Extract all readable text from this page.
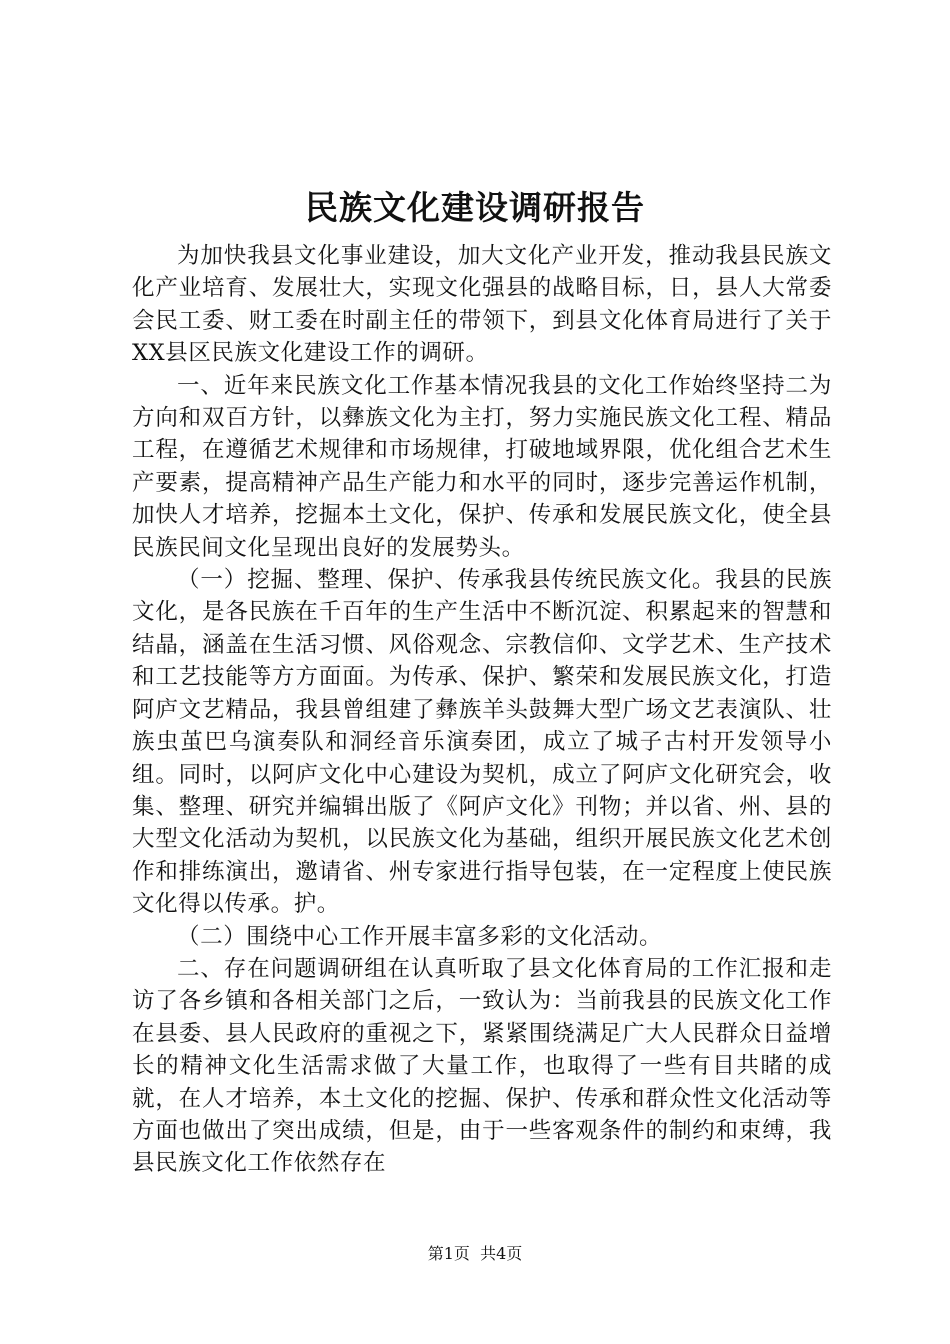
民族文化建设调研报告

为加快我县文化事业建设，加大文化产业开发，推动我县民族文化产业培育、发展壮大，实现文化强县的战略目标，日，县人大常委会民工委、财工委在时副主任的带领下，到县文化体育局进行了关于XX县区民族文化建设工作的调研。

一、近年来民族文化工作基本情况我县的文化工作始终坚持二为方向和双百方针，以彝族文化为主打，努力实施民族文化工程、精品工程，在遵循艺术规律和市场规律，打破地域界限，优化组合艺术生产要素，提高精神产品生产能力和水平的同时，逐步完善运作机制，加快人才培养，挖掘本土文化，保护、传承和发展民族文化，使全县民族民间文化呈现出良好的发展势头。

（一）挖掘、整理、保护、传承我县传统民族文化。我县的民族文化，是各民族在千百年的生产生活中不断沉淀、积累起来的智慧和结晶，涵盖在生活习惯、风俗观念、宗教信仰、文学艺术、生产技术和工艺技能等方方面面。为传承、保护、繁荣和发展民族文化，打造阿庐文艺精品，我县曾组建了彝族羊头鼓舞大型广场文艺表演队、壮族虫茧巴乌演奏队和洞经音乐演奏团，成立了城子古村开发领导小组。同时，以阿庐文化中心建设为契机，成立了阿庐文化研究会，收集、整理、研究并编辑出版了《阿庐文化》刊物；并以省、州、县的大型文化活动为契机，以民族文化为基础，组织开展民族文化艺术创作和排练演出，邀请省、州专家进行指导包装，在一定程度上使民族文化得以传承。护。

（二）围绕中心工作开展丰富多彩的文化活动。

二、存在问题调研组在认真听取了县文化体育局的工作汇报和走访了各乡镇和各相关部门之后，一致认为：当前我县的民族文化工作在县委、县人民政府的重视之下，紧紧围绕满足广大人民群众日益增长的精神文化生活需求做了大量工作，也取得了一些有目共睹的成就，在人才培养，本土文化的挖掘、保护、传承和群众性文化活动等方面也做出了突出成绩，但是，由于一些客观条件的制约和束缚，我县民族文化工作依然存在

第1页 共4页
